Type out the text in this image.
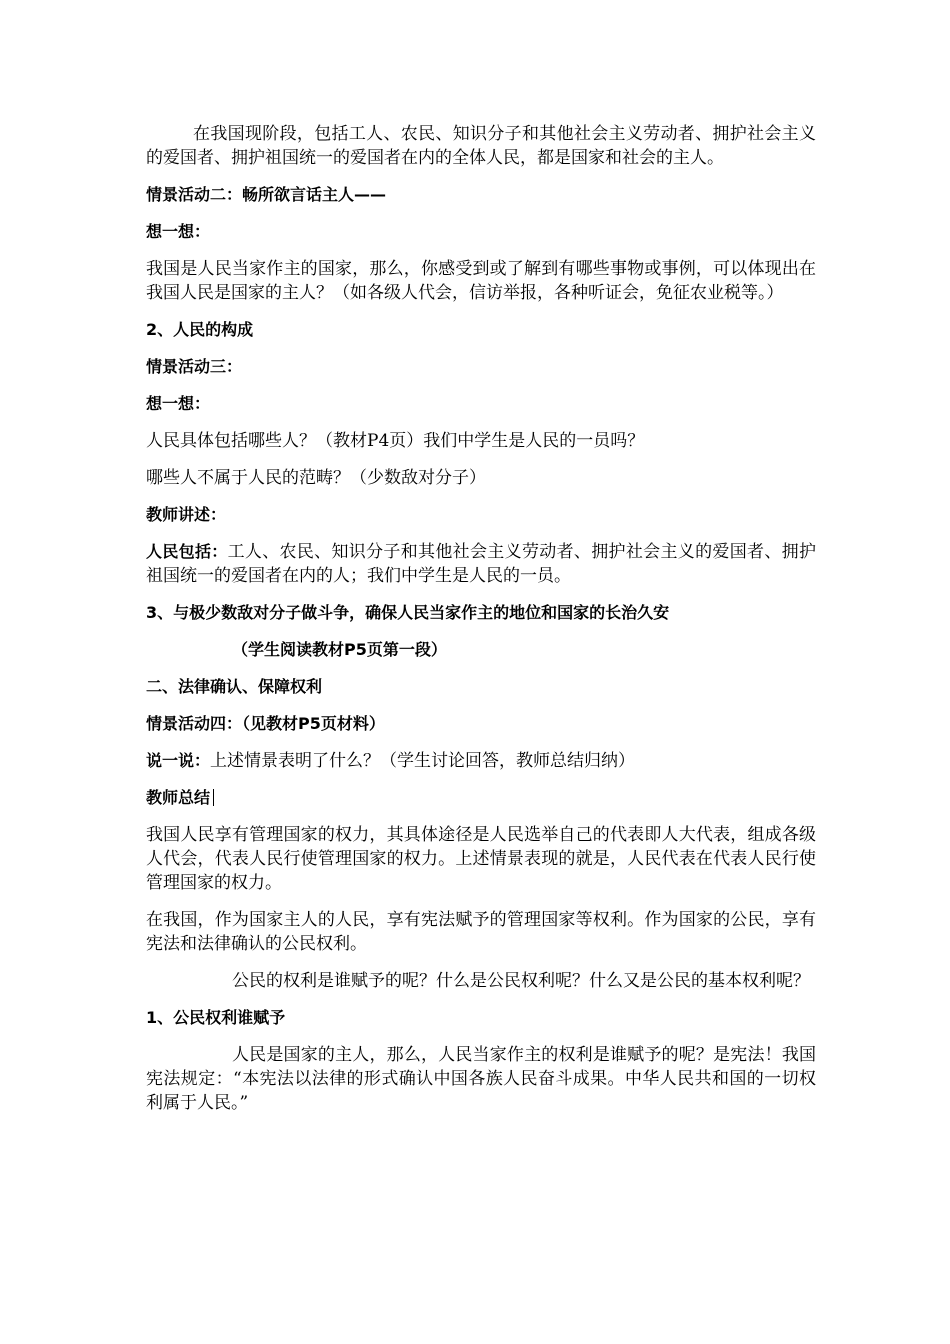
在我国现阶段，包括工人、农民、知识分子和其他社会主义劳动者、拥护社会主义的爱国者、拥护祖国统一的爱国者在内的全体人民，都是国家和社会的主人。

情景活动二：畅所欲言话主人——

想一想：

我国是人民当家作主的国家，那么，你感受到或了解到有哪些事物或事例，可以体现出在我国人民是国家的主人？（如各级人代会，信访举报，各种听证会，免征农业税等。）

2、人民的构成

情景活动三：

想一想：

人民具体包括哪些人？（教材P4页）我们中学生是人民的一员吗？

哪些人不属于人民的范畴？（少数敌对分子）

教师讲述：

人民包括：工人、农民、知识分子和其他社会主义劳动者、拥护社会主义的爱国者、拥护祖国统一的爱国者在内的人；我们中学生是人民的一员。

3、与极少数敌对分子做斗争，确保人民当家作主的地位和国家的长治久安

（学生阅读教材P5页第一段）

二、法律确认、保障权利

情景活动四：（见教材P5页材料）

说一说：上述情景表明了什么？（学生讨论回答，教师总结归纳）

教师总结

我国人民享有管理国家的权力，其具体途径是人民选举自己的代表即人大代表，组成各级人代会，代表人民行使管理国家的权力。上述情景表现的就是，人民代表在代表人民行使管理国家的权力。

在我国，作为国家主人的人民，享有宪法赋予的管理国家等权利。作为国家的公民，享有宪法和法律确认的公民权利。

公民的权利是谁赋予的呢？什么是公民权利呢？什么又是公民的基本权利呢？

1、公民权利谁赋予

人民是国家的主人，那么，人民当家作主的权利是谁赋予的呢？是宪法！我国宪法规定：“本宪法以法律的形式确认中国各族人民奋斗成果。中华人民共和国的一切权利属于人民。”
